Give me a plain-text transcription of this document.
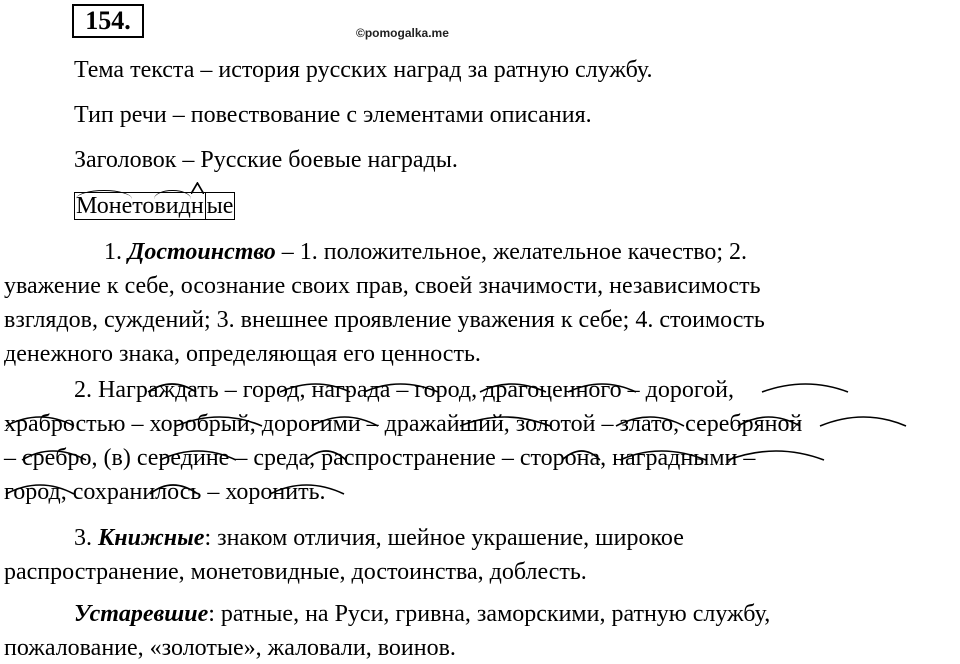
154.	©pomogalka.me
Тема текста – история русских наград за ратную службу.
Тип речи – повествование с элементами описания.
Заголовок – Русские боевые награды.
Монетовид
н ые
1. Достоинство – 1. положительное, желательное качество; 2.
уважение к себе, осознание своих прав, своей значимости, независимость
взглядов, суждений; 3. внешнее проявление уважения к себе; 4. стоимость
денежного знака, определяющая его ценность.
2. Награждать – город, награда – город, драгоценного – дорогой,
храбростью – хоробрый, дорогими – дражайший, золотой – злато, серебряной
– сребро, (в) середине – среда, распространение – сторона, наградными –
город, сохранилось – хоронить.
3. Книжные: знаком отличия, шейное украшение, широкое
распространение, монетовидные, достоинства, доблесть.
Устаревшие: ратные, на Руси, гривна, заморскими, ратную службу,
пожалование, «золотые», жаловали, воинов.
